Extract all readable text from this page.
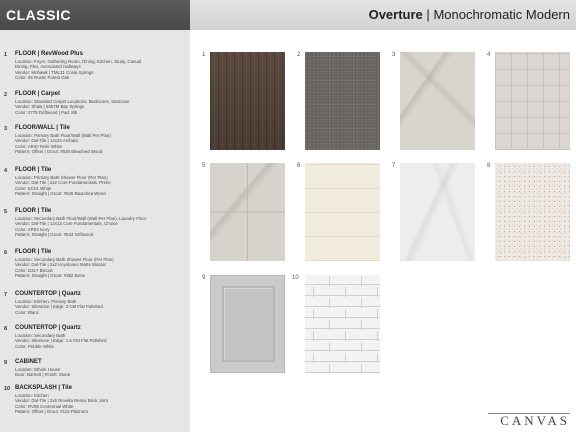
CLASSIC	Overture | Monochromatic Modern
1 FLOOR | RevWood Plus
Location: Foyer, Gathering Room, Dining, Kitchen, Study, Casual
Dining, Flex, Associated Hallways
Vendor: Mohawk | TML31 Cosia Springs
Color: 05 Rustic Forest Oak
2 FLOOR | Carpet
Location: Standard Carpet Locations, Bedrooms, Staircase
Vendor: Shaw | 5557M Bay Springs
Color: 0775 Driftwood | Pad: 8lb
3 FLOOR/WALL | Tile
Location: Primary Bath Floor/Wall (Wall Per Plan)
Vendor: Dal-Tile | 12x24 Archaia
Color: AR40 Relic White
Pattern: Offset | Grout: #545 Bleached Wood
4 FLOOR | Tile
Location: Primary Bath Shower Floor (Per Plan)
Vendor: Dal-Tile | 2x2 Core Fundamentals, Prime
Color: KC01 White
Pattern: Straight | Grout: #545 Bleached Wood
5 FLOOR | Tile
Location: Secondary Bath Floor/Wall (Wall Per Plan), Laundry Floor
Vendor: Dal-Tile | 12x12 Core Fundamentals, Choice
Color: AR04 Ivory
Pattern: Straight | Grout: #543 Driftwood
6 FLOOR | Tile
Location: Secondary Bath Shower Floor (Per Plan)
Vendor: Dal-Tile | 2x2 Keystones Matte Mosaic
Color: D317 Biscuit
Pattern: Straight | Grout: #382 Bone
7 COUNTERTOP | Quartz
Location: Kitchen, Primary Bath
Vendor: Silestone | Edge: 3 CM Flat Polished
Color: Blanc
8 COUNTERTOP | Quartz
Location: Secondary Bath
Vendor: Silestone | Edge: 1.5 CM Flat Polished
Color: Pebble White
9 CABINET
Location: Whole House
Door: Barnett | Finish: Stone
10 BACKSPLASH | Tile
Location: Kitchen
Vendor: Dal-Tile | 2x6 Revella Remix Brick Joint
Color: RV08 Centennial White
Pattern: Offset | Grout: #115 Platinum
1	2	3	4
5	6	7	8
9	10
CANVAS
